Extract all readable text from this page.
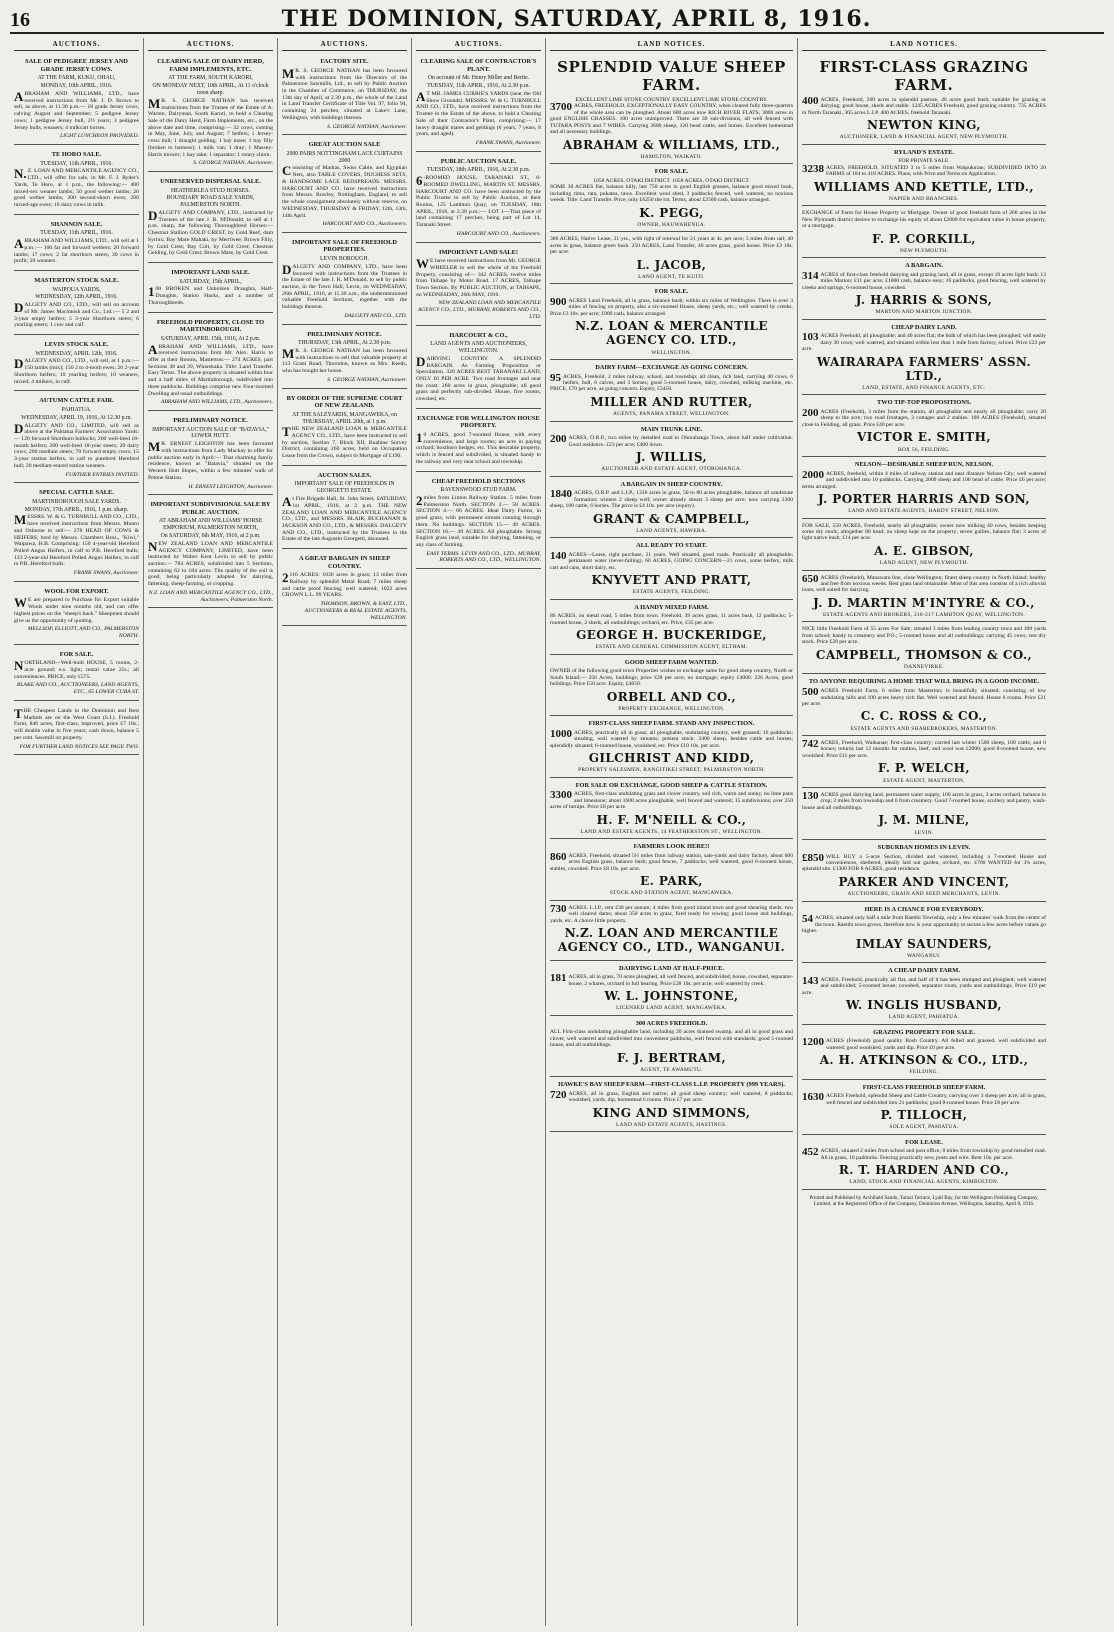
16	THE DOMINION, SATURDAY, APRIL 8, 1916.
AUCTIONS.
SALE OF PEDIGREE JERSEY AND GRADE JERSEY COWS.
AT THE FARM, KUKU, OHAU,
MONDAY, 10th APRIL, 1916.

ABRAHAM AND WILLIAMS, LTD., have received instructions from Mr. J. D. Brown to sell, as above, at 11.30 p.m.— 18 grade Jersey cows, calving August and September; 5 pedigree Jersey cows; 1 pedigree Jersey bull, 2½ years; 3 pedigree Jersey bulls, weaners; 4 milkcart horses.

LIGHT LUNCHEON PROVIDED.
TE HORO SALE.
TUESDAY, 11th APRIL, 1916.

N.Z. LOAN AND MERCANTILE AGENCY CO., LTD., will offer for sale, in Mr. F. J. Ryder's Yards, Te Horo, at 1 p.m., the following:— 400 mixed-sex weaner lambs; 50 good wether lambs; 20 good wether lambs; 200 second-shorn ewes; 200 mixed-age ewes; 10 dairy cows in milk.

SHANNON SALE.
TUESDAY, 11th APRIL, 1916.

ABRAHAM AND WILLIAMS, LTD., will sell at 1 p.m.:— 100 fat and forward wethers; 20 forward lambs; 17 cows; 2 fat shorthorn steers; 30 cows in profit; 20 weaners.

MASTERTON STOCK SALE.
WAIPOUA YARDS,
WEDNESDAY, 12th APRIL, 1916.

DALGETY AND CO., LTD., will sell on account of Mr. James Macintosh and Co., Ltd.:— 5 2 and 3-year empty heifers; 5 3-year Shorthorn steers; 6 yearling steers; 1 cow and calf.

LEVIN STOCK SALE.
WEDNESDAY, APRIL 12th, 1916.

DALGETY AND CO., LTD., will sell, at 1 p.m.:— 150 lambs (mix); 150 2 to 4-tooth ewes; 20 2-year Shorthorn heifers; 10 yearling heifers; 10 weaners, mixed; 4 milkers, in calf.

AUTUMN CATTLE FAIR.
PAHIATUA.
WEDNESDAY, APRIL 19, 1916, At 12.30 p.m.

DALGETY AND CO., LIMITED, will sell as above at the Pahiatua Farmers' Association Yards:— 120 forward Shorthorn bullocks; 260 well-bred 18-month heifers; 200 well-bred 18-year steers; 20 dairy cows; 200 medium steers; 70 forward empty cows; 15 3-year station heifers, in calf to purebred Hereford bull; 20 medium-reared station weaners.

FURTHER ENTRIES INVITED.
SPECIAL CATTLE SALE.
MARTINBOROUGH SALE YARDS.
MONDAY, 17th APRIL, 1916, 1 p.m. sharp.

MESSRS. W. & G. TURNBULL AND CO., LTD., have received instructions from Messrs. Munro and Osborne to sell:— 278 HEAD OF COWS & HEIFERS, bred by Messrs. Chambers Bros., "Kiwi," Waipawa, H.B. Comprising: 150 4-year-old Hereford Polled Angus Heifers, in calf to P.B. Hereford bulls; 123 2-year-old Hereford Polled Angus Heifers, in calf to P.B. Hereford bulls.

FRANK SWANS, Auctioneer.
WOOL FOR EXPORT.

WE are prepared to Purchase for Export suitable Wools under nine months old, and can offer highest prices on the "sheep's back." Sheepmen should give us the opportunity of quoting.

MELLSOP, ELLIOTT, AND CO., PALMERSTON NORTH.
FOR SALE.

NORTHLAND—Well-built HOUSE, 5 rooms, 2-acre ground; e.s. light; rental value 25s.; all conveniences. PRICE, only £575.

BLAKE AND CO., AUCTIONEERS, LAND AGENTS, ETC., 65 LOWER CUBA ST.

THE Cheapest Lands in the Dominion and Best Markets are on the West Coast (S.I.). Freehold Farm, 846 acres, first-class, improved, price £7 10s.; will double value in five years; cash down, balance 5 per cent. Sawmill on property.

FOR FURTHER LAND NOTICES SEE PAGE TWO.
AUCTIONS.
CLEARING SALE OF DAIRY HERD, FARM IMPLEMENTS, ETC.
AT THE FARM, SOUTH KARORI,
ON MONDAY NEXT, 10th APRIL, At 11 o'clock noon sharp.

MR. S. GEORGE NATHAN has received instructions from the Trustee of the Estate of A. Warren, Dairyman, South Karori, to hold a Clearing Sale of the Dairy Herd, Farm Implements, etc., on the above date and time, comprising:— 32 cows, coming in May, June, July, and August; 7 heifers; 1 Jersey-cross bull; 1 draught gelding; 1 bay mare; 1 bay filly (broken to harness); 1 milk van; 1 dray; 1 Massey-Harris mower; 1 hay rake; 1 separator; 1 rotary churn.

S. GEORGE NATHAN, Auctioneer.
UNRESERVED DISPERSAL SALE.
HEATHERLEA STUD HORSES.
BOUNDARY ROAD SALE YARDS, PALMERSTON NORTH.

DALGETY AND COMPANY, LTD., instructed by Trustees of the late J. R. M'Donald, to sell at 1 p.m. sharp, the following Thoroughbred Horses:— Chestnut Stallion GOLD CREST, by Gold Reef, dam Syrinx; Bay Mare Mahaki, by Merriwee; Brown Filly, by Gold Crest; Bay Colt, by Gold Crest; Chestnut Gelding, by Gold Crest; Brown Mare, by Gold Crest.

IMPORTANT LAND SALE.
SATURDAY, 15th APRIL,

100 BROKEN and Unbroken Draughts, Half-Draughts, Station Hacks, and a number of Thoroughbreds.

FREEHOLD PROPERTY, CLOSE TO MARTINBOROUGH.
SATURDAY, APRIL 15th, 1916, At 2 p.m.

ABRAHAM AND WILLIAMS, LTD., have received instructions from Mr. Alex. Harris to offer at their Rooms, Masterton:— 274 ACRES, part Sections 38 and 39, Wharekaka. Title: Land Transfer. Easy Terms. The above property is situated within four and a half miles of Martinborough, subdivided into three paddocks. Buildings comprise new Four-roomed Dwelling and usual outbuildings.

ABRAHAM AND WILLIAMS, LTD., Auctioneers.
PRELIMINARY NOTICE.
IMPORTANT AUCTION SALE OF "BATAVIA," LOWER HUTT.

MR. ERNEST LEIGHTON has been favoured with instructions from Lady Mackay to offer for public auction early in April:— That charming family residence, known as "Batavia," situated on the Western Hutt Slopes, within a few minutes' walk of Petone Station.

H. ERNEST LEIGHTON, Auctioneer.
IMPORTANT SUBDIVISIONAL SALE BY PUBLIC AUCTION.
AT ABRAHAM AND WILLIAMS' HORSE EMPORIUM, PALMERSTON NORTH,
On SATURDAY, 6th MAY, 1916, at 2 p.m.

NEW ZEALAND LOAN AND MERCANTILE AGENCY COMPANY, LIMITED, have been instructed by Walter Kent Levin to sell by public auction:— 784 ACRES, subdivided into 5 Sections, containing 62 to 184 acres. The quality of the soil is good, being particularly adapted for dairying, fattening, sheep-farming, or cropping.

N.Z. LOAN AND MERCANTILE AGENCY CO., LTD., Auctioneers, Palmerston North.
AUCTIONS.
FACTORY SITE.

MR. S. GEORGE NATHAN has been favoured with instructions from the Directors of the Palmerston Sawmills, Ltd., to sell by Public Auction in the Chamber of Commerce, on THURSDAY, the 13th day of April, at 2.30 p.m., the whole of the Land in Land Transfer Certificate of Title Vol. 97, folio 94, containing 24 perches, situated at Lake's Lane, Wellington, with buildings thereon.

S. GEORGE NATHAN, Auctioneer.
GREAT AUCTION SALE
2000 PAIRS NOTTINGHAM LACE CURTAINS 2000

Consisting of Madras, Swiss Cable, and Egyptian Nets, also TABLE COVERS, DUCHESS SETS, & HANDSOME LACE BEDSPREADS. MESSRS. HARCOURT AND CO. have received instructions from Messrs. Rowley, Nottingham, England, to sell the whole consignment absolutely without reserve, on WEDNESDAY, THURSDAY & FRIDAY, 12th, 13th, 14th April.

HARCOURT AND CO., Auctioneers.
IMPORTANT SALE OF FREEHOLD PROPERTIES.
LEVIN BOROUGH.

DALGETY AND COMPANY, LTD., have been favoured with instructions from the Trustees in the Estate of the late J. R. M'Donald, to sell by public auction, in the Town Hall, Levin, on WEDNESDAY, 26th APRIL, 1916, at 11.30 a.m., the undermentioned valuable Freehold Sections, together with the buildings thereon.

DALGETY AND CO., LTD.
PRELIMINARY NOTICE.
THURSDAY, 13th APRIL, At 2.30 p.m.

MR. S. GEORGE NATHAN has been favoured with instructions to sell that valuable property at 113 Grant Road, Thorndon, known as Mrs. Keeds, who has bought her house.

S. GEORGE NATHAN, Auctioneer.
BY ORDER OF THE SUPREME COURT OF NEW ZEALAND.
AT THE SALEYARDS, MANGAWEKA, on THURSDAY, APRIL 20th, at 1 p.m.

THE NEW ZEALAND LOAN & MERCANTILE AGENCY CO., LTD., have been instructed to sell by auction, Section 7, Block XII, Ruahine Survey District, containing 260 acres, held on Occupation Lease from the Crown, subject to Mortgage of £190.

AUCTION SALES.
IMPORTANT SALE OF FREEHOLDS IN GEORGETTI ESTATE.

At Fire Brigade Hall, St. John Street, SATURDAY, 1st APRIL, 1916, at 2 p.m. THE NEW ZEALAND LOAN AND MERCANTILE AGENCY CO., LTD., and MESSRS. BLAIR, BUCHANAN & JACKSON AND CO., LTD., & MESSRS. DALGETY AND CO., LTD., instructed by the Trustees in the Estate of the late Augustin Georgetti, deceased.

A GREAT BARGAIN IN SHEEP COUNTRY.

2116 ACRES: 1036 acres in grass; 13 miles from Railway by splendid Metal Road; 7 miles sheep and cattle proof fencing; well watered; 1022 acres CROWN L.L. 99 YEARS.

THOMSON, BROWN, & EAST, LTD., AUCTIONEERS & REAL ESTATE AGENTS, WELLINGTON.
AUCTIONS.
CLEARING SALE OF CONTRACTOR'S PLANT.
On account of Mr. Henry Miller and Bertie.
TUESDAY, 11th APRIL, 1916, At 2.30 p.m.

AT MR. JAMES CURRIE'S YARDS (near the Old Show Grounds). MESSRS. W. & G. TURNBULL AND CO., LTD., have received instructions from the Trustee in the Estate of the above, to hold a Clearing Sale of their Contractor's Plant, comprising:— 17 heavy draught mares and geldings (6 years, 7 years, 8 years, and aged).

FRANK SWANS, Auctioneer.
PUBLIC AUCTION SALE.
TUESDAY, 18th APRIL, 1916, At 2.30 p.m.

6-ROOMED HOUSE, TARANAKI ST., 6-ROOMED DWELLING, MARTIN ST. MESSRS. HARCOURT AND CO. have been instructed by the Public Trustee to sell by Public Auction, at their Rooms, 125 Lambton Quay, on TUESDAY, 18th APRIL, 1916, at 2.30 p.m.:— LOT 1—That piece of land containing 17 perches, being part of Lot 14, Taranaki Street.

HARCOURT AND CO., Auctioneers.
IMPORTANT LAND SALE!

WE have received instructions from Mr. GEORGE WHEELER to sell the whole of his Freehold Property, consisting of— 342 ACRES, twelve miles from Taihape by Motor Road. 17 ACRES, Taihape Town Section. By PUBLIC AUCTION, at TAIHAPE, on WEDNESDAY, 26th MAY, 1916.

NEW ZEALAND LOAN AND MERCANTILE AGENCY CO., LTD., MURRAY, ROBERTS AND CO., LTD.
HARCOURT & CO.,
LAND AGENTS AND AUCTIONEERS, WELLINGTON.

DAIRYING COUNTRY. A SPLENDID BARGAIN. As Farming Proposition or Speculation. 320 ACRES BEST TARANAKI LAND, ONLY £6 PER ACRE. Two road frontages and near the coast. 260 acres in grass, ploughable; all good grass and perfectly sub-divided. House, five rooms, cowshed, etc.

EXCHANGE FOR WELLINGTON HOUSE PROPERTY.

10 ACRES, good 7-roomed House, with every convenience, and large rooms; an acre in paying orchard; boxthorn hedges, etc. This desirable property, which is fenced and subdivided, is situated handy to the railway and very near school and township.

CHEAP FREEHOLD SECTIONS
RAVENSWOOD STUD FARM.

2miles from Linton Railway Station. 5 miles from Palmerston North. SECTION 2.— 58 ACRES. SECTION 4.— 66 ACRES. Ideal Dairy Farms, in good grass, with permanent stream running through them. No buildings. SECTION 15.— 49 ACRES. SECTION 16.— 49 ACRES. All ploughable. Strong English grass land, suitable for dairying, fattening, or any class of farming.

EASY TERMS. LEVIN AND CO., LTD., MURRAY, ROBERTS AND CO., LTD., WELLINGTON.
LAND NOTICES.
SPLENDID VALUE SHEEP FARM.
EXCELLENT LIME STONE COUNTRY. EXCELLENT LIME STONE COUNTRY.
3700 ACRES, FREEHOLD, EXCEPTIONALLY EASY COUNTRY, when cleared fully three-quarters of the whole area can be ploughed. About 600 acres now RICH RIVER FLATS, 3000 acres in good ENGLISH GRASSES. 100 acres unimproved. There are 30 sub-divisions, all well fenced with TUTARA POSTS and 7 WIRES. Carrying 3600 sheep, 120 head cattle, and horses. Excellent homestead and all necessary buildings.
ABRAHAM & WILLIAMS, LTD.,
HAMILTON, WAIKATO.
FOR SALE.
1658 ACRES, OTAKI DISTRICT. 1658 ACRES, OTAKI DISTRICT.
SOME 30 ACRES flat, balance hilly, last 750 acres in good English grasses, balance good mixed bush, including rimu, rata, pukatea, tawa. Excellent wool shed, 3 paddocks fenced, well watered, no noxious weeds. Title: Land Transfer. Price, only £6250 the lot. Terms, about £2500 cash, balance arranged.
K. PEGG,
OWNER, HAUWAHENUA.
300 ACRES, Native Lease, 21 yrs., with right of renewal for 21 years at 4s. per acre; 5 miles from rail; 40 acres in grass, balance green bush. 250 ACRES, Land Transfer, 40 acres grass, good house. Price £3 10s. per acre.
L. JACOB,
LAND AGENT, TE KUITI.
FOR SALE.
900 ACRES Land Freehold, all in grass, balance bush; within six miles of Wellington. There is over 3 miles of fencing on property, also a six-roomed House, sheep yards, etc.; well watered by creeks. Price £3 10s. per acre; £900 cash, balance arranged.
N.Z. LOAN & MERCANTILE AGENCY CO. LTD.,
WELLINGTON.
DAIRY FARM—EXCHANGE AS GOING CONCERN.
95 ACRES, Freehold, 2 miles railway, school, and township; all clean, rich land, carrying 40 cows, 6 heifers, bull, 6 calves, and 3 horses; good 5-roomed house, dairy, cowshed, milking machine, etc. PRICE, £70 per acre, as going concern. Equity, £3450.
MILLER AND RUTTER,
AGENTS, PANAMA STREET, WELLINGTON.
MAIN TRUNK LINE.
200 ACRES, O.R.P., two miles by metalled road to Ohorahanga Town, about half under cultivation. Good residence. £23 per acre; £400 down.
J. WILLIS,
AUCTIONEER AND ESTATE AGENT, OTOROHANGA.
A BARGAIN IN SHEEP COUNTRY.
1840 ACRES, O.R.P. and L.I.P., 1330 acres in grass, 50 to 80 acres ploughable, balance all sandstone formation; winters 2 sheep well; owner already shears 3 sheep per acre; now carrying 2300 sheep, 100 cattle, 6 horses. The price is £4 10s. per acre (equity).
GRANT & CAMPBELL,
LAND AGENTS, HAWERA.
ALL READY TO START.
140 ACRES—Lease, right purchase, 21 years. Well situated, good roads. Practically all ploughable; permanent water (never-failing). 60 ACRES, GOING CONCERN—21 cows, some heifers, milk cart and cans, short dairy, etc.
KNYVETT AND PRATT,
ESTATE AGENTS, FEILDING.
A HANDY MIXED FARM.
86 ACRES, on metal road, 5 miles from town. Freehold, 39 acres grass, 11 acres bush, 12 paddocks; 5-roomed house, 2 sheds, all outbuildings; orchard, etc. Price, £35 per acre.
GEORGE H. BUCKERIDGE,
ESTATE AND GENERAL COMMISSION AGENT, ELTHAM.
GOOD SHEEP FARM WANTED.
OWNER of the following good town Properties wishes to exchange same for good sheep country, North or South Island:— 256 Acres, buildings; price £28 per acre; no mortgage; equity £4000. 226 Acres, good buildings. Price £50 acre. Equity, £4650.
ORBELL AND CO.,
PROPERTY EXCHANGE, WELLINGTON.
FIRST-CLASS SHEEP FARM. STAND ANY INSPECTION.
1000 ACRES, practically all in grass; all ploughable, undulating country, well grassed; 16 paddocks; steading, well watered by streams; present stock: 2400 sheep, besides cattle and horses; splendidly situated; 6-roomed house, woolshed, etc. Price £10 10s. per acre.
GILCHRIST AND KIDD,
PROPERTY SALESMEN, RANGITIKEI STREET, PALMERSTON NORTH.
FOR SALE OR EXCHANGE, GOOD SHEEP & CATTLE STATION.
3300 ACRES, first-class undulating grass and clover country, soil rich, warm and sunny, no lime pans and limestone; about 1600 acres ploughable, well fenced and watered; 15 subdivisions; over 250 acres of turnips. Price £8 per acre.
H. F. M'NEILL & CO.,
LAND AND ESTATE AGENTS, 14 FEATHERSTON ST., WELLINGTON.
FARMERS LOOK HERE!!
860 ACRES, Freehold, situated 5½ miles from railway station, sale-yards and dairy factory, about 600 acres English grass, balance bush; good fences, 7 paddocks; well watered, good 6-roomed house, stables, cowshed. Price £8 10s. per acre.
E. PARK,
STOCK AND STATION AGENT, MANGAWEKA.
730 ACRES, L.I.P., rent £38 per annum; 4 miles from good inland town and good shearing sheds; two well cleared dams; about 350 acres in grass, fired ready for sowing; good house and buildings, yards, etc. A choice little property.
N.Z. LOAN AND MERCANTILE AGENCY CO., LTD., WANGANUI.
DAIRYING LAND AT HALF-PRICE.
181 ACRES, all in grass, 70 acres ploughed, all well fenced, and subdivided; house, cowshed, separator-house, 2 whares, orchard in full bearing. Price £28 10s. per acre; well watered by creek.
W. L. JOHNSTONE,
LICENSED LAND AGENT, MANGAWEKA.
300 ACRES FREEHOLD.
ALL First-class undulating ploughable land, including 20 acres drained swamp, and all in good grass and clover, well watered and subdivided into convenient paddocks, well fenced with standards; good 5-roomed house, and all outbuildings.
F. J. BERTRAM,
AGENT, TE AWAMUTU.
HAWKE'S BAY SHEEP FARM—FIRST-CLASS L.I.P. PROPERTY (999 YEARS).
720 ACRES, all in grass, English and native; all good sheep country; well watered, 8 paddocks; woolshed, yards, dip, homestead 6 rooms. Price £7 per acre.
KING AND SIMMONS,
LAND AND ESTATE AGENTS, HASTINGS.
LAND NOTICES.
FIRST-CLASS GRAZING FARM.
400 ACRES, Freehold, 260 acres in splendid pasture, 40 acres good bush; suitable for grazing or dairying; good house, sheds and stable. 1245 ACRES Freehold, good grazing country. 735 ACRES in North Taranaki, 365 acres L.I.P. 400 ACRES, freehold Taranaki.
NEWTON KING,
AUCTIONEER, LAND & FINANCIAL AGENT, NEW PLYMOUTH.
RYLAND'S ESTATE.
FOR PRIVATE SALE.
3238 ACRES, FREEHOLD, SITUATED 3 to 5 miles from Waipukurau; SUBDIVIDED INTO 20 FARMS of 104 to 418 ACRES. Plans, with Price and Terms on Application.
WILLIAMS AND KETTLE, LTD.,
NAPIER AND BRANCHES.
EXCHANGE of Farm for House Property or Mortgage. Owner of good freehold farm of 260 acres in the New Plymouth district desires to exchange his equity of about £2000 for equivalent value in house property, or a mortgage.
F. P. CORKILL,
NEW PLYMOUTH.
A BARGAIN.
314 ACRES of first-class freehold dairying and grazing land, all in grass, except 10 acres light bush; 12 miles Marton; £11 per acre; £1000 cash, balance easy; 16 paddocks, good fencing, well watered by creeks and springs, 6-roomed house, cowshed.
J. HARRIS & SONS,
MARTON AND MARTON JUNCTION.
CHEAP DAIRY LAND.
103 ACRES Freehold, all ploughable; and 40 acres flat; the bulk of which has been ploughed; will easily dairy 30 cows; well watered, and situated within less than 1 mile from factory, school. Price £23 per acre.
WAIRARAPA FARMERS' ASSN. LTD.,
LAND, ESTATE, AND FINANCE AGENTS, ETC.
TWO TIP-TOP PROPOSITIONS.
200 ACRES (Freehold), 3 miles from the station, all ploughable and nearly all ploughable; carry 20 sheep to the acre; two road frontages, 3 cottages and 2 stables. 100 ACRES (Freehold), situated close to Feilding, all grass. Price £40 per acre.
VICTOR E. SMITH,
BOX 56, FEILDING.
NELSON—DESIRABLE SHEEP RUN, NELSON.
2000 ACRES, freehold, within 4 miles of railway station and near distance Nelson City; well watered and subdivided into 10 paddocks. Carrying 2000 sheep and 100 head of cattle. Price £6 per acre; terms arranged.
J. PORTER HARRIS AND SON,
LAND AND ESTATE AGENTS, HARDY STREET, NELSON.
FOR SALE, 550 ACRES, Freehold, nearly all ploughable; owner now milking 40 cows, besides keeping some dry stock; altogether 80 head; no sheep kept on the property; seven gullies, balance flat; 3 acres of light native bush; £14 per acre.
A. E. GIBSON,
LAND AGENT, NEW PLYMOUTH.
650 ACRES (Freehold), Manawatu line, close Wellington; finest sheep country in North Island; healthy and free from noxious weeds. Best grass land obtainable. Most of this area consists of a rich alluvial loam, well suited for dairying.
J. D. MARTIN M'INTYRE & CO.,
ESTATE AGENTS AND BROKERS, 218-217 LAMBTON QUAY, WELLINGTON.
NICE little Freehold Farm of 55 acres For Sale; situated 3 miles from leading country town and 100 yards from school; handy to creamery and P.O.; 5-roomed house and all outbuildings; carrying 45 cows, rest dry stock. Price £28 per acre.
CAMPBELL, THOMSON & CO.,
DANNEVIRKE.
TO ANYONE REQUIRING A HOME THAT WILL BRING IN A GOOD INCOME.
500 ACRES Freehold Farm, 6 miles from Masterton; is beautifully situated; consisting of low undulating hills and 100 acres heavy rich flat. Well watered and fenced. House 6 rooms. Price £21 per acre.
C. C. ROSS & CO.,
ESTATE AGENTS AND SHAREBROKERS, MASTERTON.
742 ACRES, Freehold, Waikanae; first-class country; carried last winter 1500 sheep, 100 cattle, and 6 horses; returns last 12 months for mutton, beef, and wool was £2000; good 8-roomed house, new woolshed. Price £11 per acre.
F. P. WELCH,
ESTATE AGENT, MASTERTON.
130 ACRES good dairying land, permanent water supply, 100 acres in grass, 3 acres orchard, balance in crop; 2 miles from township and 6 from creamery. Good 7-roomed house, scullery and pantry, wash-house and all outbuildings.
J. M. MILNE,
LEVIN.
SUBURBAN HOMES IN LEVIN.
£850 WILL BUY a 5-acre Section, divided and watered, including a 7-roomed House and conveniences, sheltered, ideally laid out garden, orchard, etc. £700 WANTED for 3¼ acres, splendid site. £1300 FOR 8 ACRES, good residence.
PARKER AND VINCENT,
AUCTIONEERS, GRAIN AND SEED MERCHANTS, LEVIN.
HERE IS A CHANCE FOR EVERYBODY.
54 ACRES, situated only half a mile from Raetihi Township, only a few minutes' walk from the centre of the town. Raetihi town grows, therefore now is your opportunity to secure a few acres before values go higher.
IMLAY SAUNDERS,
WANGANUI.
A CHEAP DAIRY FARM.
143 ACRES, Freehold, practically all flat, and half of it has been stumped and ploughed; well watered and subdivided; 5-roomed house; cowshed, separator room, yards and outbuildings. Price £19 per acre.
W. INGLIS HUSBAND,
LAND AGENT, PAHIATUA.
GRAZING PROPERTY FOR SALE.
1200 ACRES (Freehold) good quality Bush Country. All felled and grassed, well subdivided and watered; good woolshed, yards and dip. Price £6 per acre.
A. H. ATKINSON & CO., LTD.,
FEILDING.
FIRST-CLASS FREEHOLD SHEEP FARM.
1630 ACRES Freehold, splendid Sheep and Cattle Country, carrying over 3 sheep per acre; all in grass, well fenced and subdivided into 21 paddocks; good 8-roomed house. Price £8 per acre.
P. TILLOCH,
SOLE AGENT, PAHIATUA.
FOR LEASE.
452 ACRES, situated 2 miles from school and post office, 8 miles from township by good metalled road. All in grass, 10 paddocks. Fencing practically new, posts and wire. Rent 10s. per acre.
R. T. HARDEN AND CO.,
LAND, STOCK AND FINANCIAL AGENTS, KIMBOLTON.
Printed and Published by Archibald Sando, Tainui Terrace, Lyall Bay, for the Wellington Publishing Company, Limited, at the Registered Office of the Company, Dominion Avenue, Wellington, Saturday, April 8, 1916.
